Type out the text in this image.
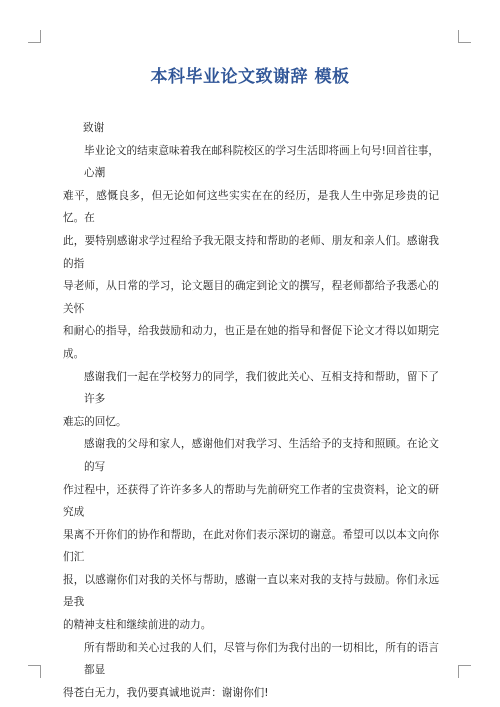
本科毕业论文致谢辞 模板

致谢

毕业论文的结束意味着我在邮科院校区的学习生活即将画上句号!回首往事，心潮
难平，感慨良多，但无论如何这些实实在在的经历，是我人生中弥足珍贵的记忆。在
此，要特别感谢求学过程给予我无限支持和帮助的老师、朋友和亲人们。感谢我的指
导老师，从日常的学习，论文题目的确定到论文的撰写，程老师都给予我悉心的关怀
和耐心的指导，给我鼓励和动力，也正是在她的指导和督促下论文才得以如期完成。

感谢我们一起在学校努力的同学，我们彼此关心、互相支持和帮助，留下了许多
难忘的回忆。

感谢我的父母和家人，感谢他们对我学习、生活给予的支持和照顾。在论文的写
作过程中，还获得了许许多多人的帮助与先前研究工作者的宝贵资料，论文的研究成
果离不开你们的协作和帮助，在此对你们表示深切的谢意。希望可以以本文向你们汇
报，以感谢你们对我的关怀与帮助，感谢一直以来对我的支持与鼓励。你们永远是我
的精神支柱和继续前进的动力。

所有帮助和关心过我的人们，尽管与你们为我付出的一切相比，所有的语言都显
得苍白无力，我仍要真诚地说声：谢谢你们!
